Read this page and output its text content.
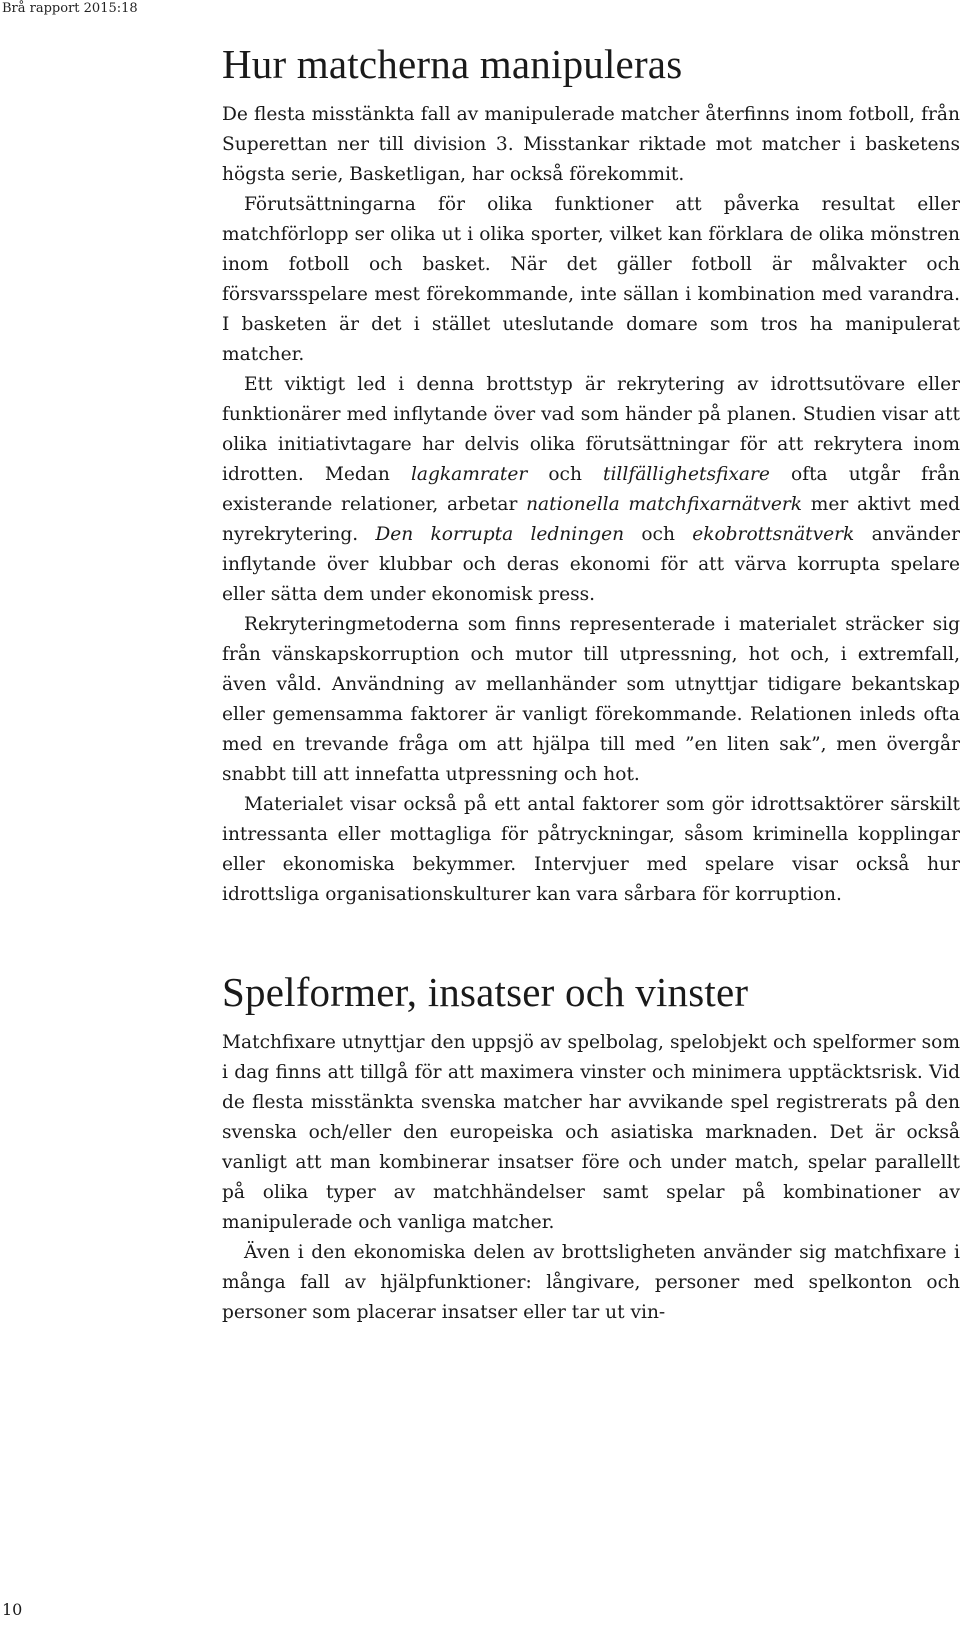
Brå rapport 2015:18
Hur matcherna manipuleras

De flesta misstänkta fall av manipulerade matcher återfinns inom fotboll, från Superettan ner till division 3. Misstankar riktade mot matcher i basketens högsta serie, Basketligan, har också förekommit.

Förutsättningarna för olika funktioner att påverka resultat eller matchförlopp ser olika ut i olika sporter, vilket kan förklara de olika mönstren inom fotboll och basket. När det gäller fotboll är målvakter och försvarsspelare mest förekommande, inte sällan i kombination med varandra. I basketen är det i stället uteslutande domare som tros ha manipulerat matcher.

Ett viktigt led i denna brottstyp är rekrytering av idrottsutövare eller funktionärer med inflytande över vad som händer på planen. Studien visar att olika initiativtagare har delvis olika förutsättningar för att rekrytera inom idrotten. Medan lagkamrater och tillfällighetsfixare ofta utgår från existerande relationer, arbetar nationella matchfixarnätverk mer aktivt med nyrekrytering. Den korrupta ledningen och ekobrottsnätverk använder inflytande över klubbar och deras ekonomi för att värva korrupta spelare eller sätta dem under ekonomisk press.

Rekryteringmetoderna som finns representerade i materialet sträcker sig från vänskapskorruption och mutor till utpressning, hot och, i extremfall, även våld. Användning av mellanhänder som utnyttjar tidigare bekantskap eller gemensamma faktorer är vanligt förekommande. Relationen inleds ofta med en trevande fråga om att hjälpa till med ”en liten sak”, men övergår snabbt till att innefatta utpressning och hot.

Materialet visar också på ett antal faktorer som gör idrottsaktörer särskilt intressanta eller mottagliga för påtryckningar, såsom kriminella kopplingar eller ekonomiska bekymmer. Intervjuer med spelare visar också hur idrottsliga organisationskulturer kan vara sårbara för korruption.

Spelformer, insatser och vinster

Matchfixare utnyttjar den uppsjö av spelbolag, spelobjekt och spelformer som i dag finns att tillgå för att maximera vinster och minimera upptäcktsrisk. Vid de flesta misstänkta svenska matcher har avvikande spel registrerats på den svenska och/eller den europeiska och asiatiska marknaden. Det är också vanligt att man kombinerar insatser före och under match, spelar parallellt på olika typer av matchhändelser samt spelar på kombinationer av manipulerade och vanliga matcher.

Även i den ekonomiska delen av brottsligheten använder sig matchfixare i många fall av hjälpfunktioner: långivare, personer med spelkonton och personer som placerar insatser eller tar ut vin-

10
